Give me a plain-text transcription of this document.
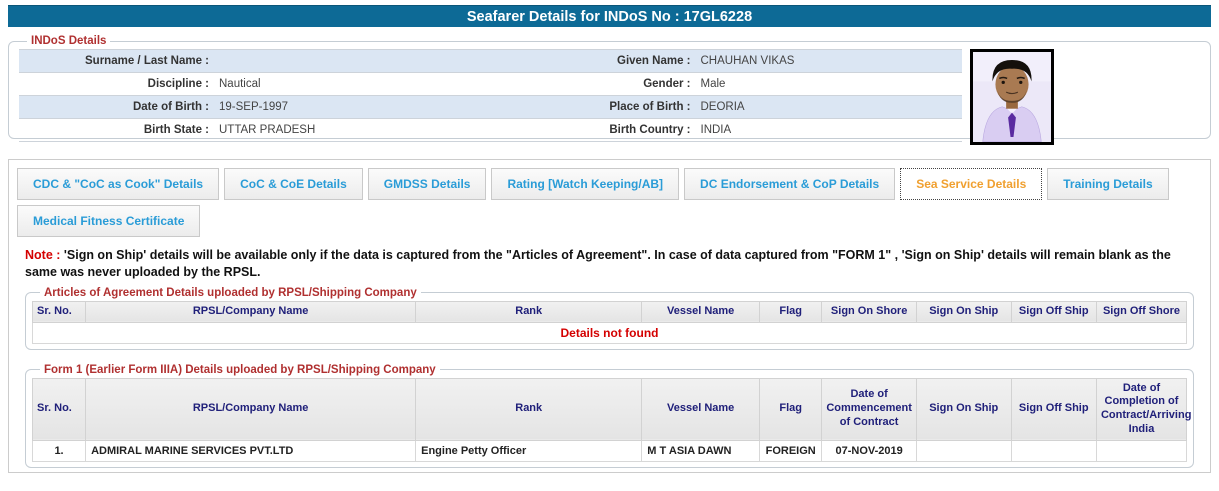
Seafarer Details for INDoS No : 17GL6228
INDoS Details
Surname / Last Name :	Given Name : CHAUHAN VIKAS
Discipline : Nautical	Gender : Male
Date of Birth : 19-SEP-1997	Place of Birth : DEORIA
Birth State : UTTAR PRADESH	Birth Country : INDIA
CDC & "CoC as Cook" Details	CoC & CoE Details	GMDSS Details	Rating [Watch Keeping/AB]	DC Endorsement & CoP Details	Sea Service Details	Training Details
Medical Fitness Certificate

Note : 'Sign on Ship' details will be available only if the data is captured from the "Articles of Agreement". In case of data captured from "FORM 1" , 'Sign on Ship' details will remain blank as the same was never uploaded by the RPSL.

Articles of Agreement Details uploaded by RPSL/Shipping Company
Sr. No.	RPSL/Company Name	Rank	Vessel Name	Flag	Sign On Shore	Sign On Ship	Sign Off Ship	Sign Off Shore
Details not found
Form 1 (Earlier Form IIIA) Details uploaded by RPSL/Shipping Company
Sr. No.	RPSL/Company Name	Rank	Vessel Name	Flag	Date of Commencement of Contract	Sign On Ship	Sign Off Ship	Date of Completion of Contract/Arriving India
1.	ADMIRAL MARINE SERVICES PVT.LTD	Engine Petty Officer	M T ASIA DAWN	FOREIGN	07-NOV-2019			
